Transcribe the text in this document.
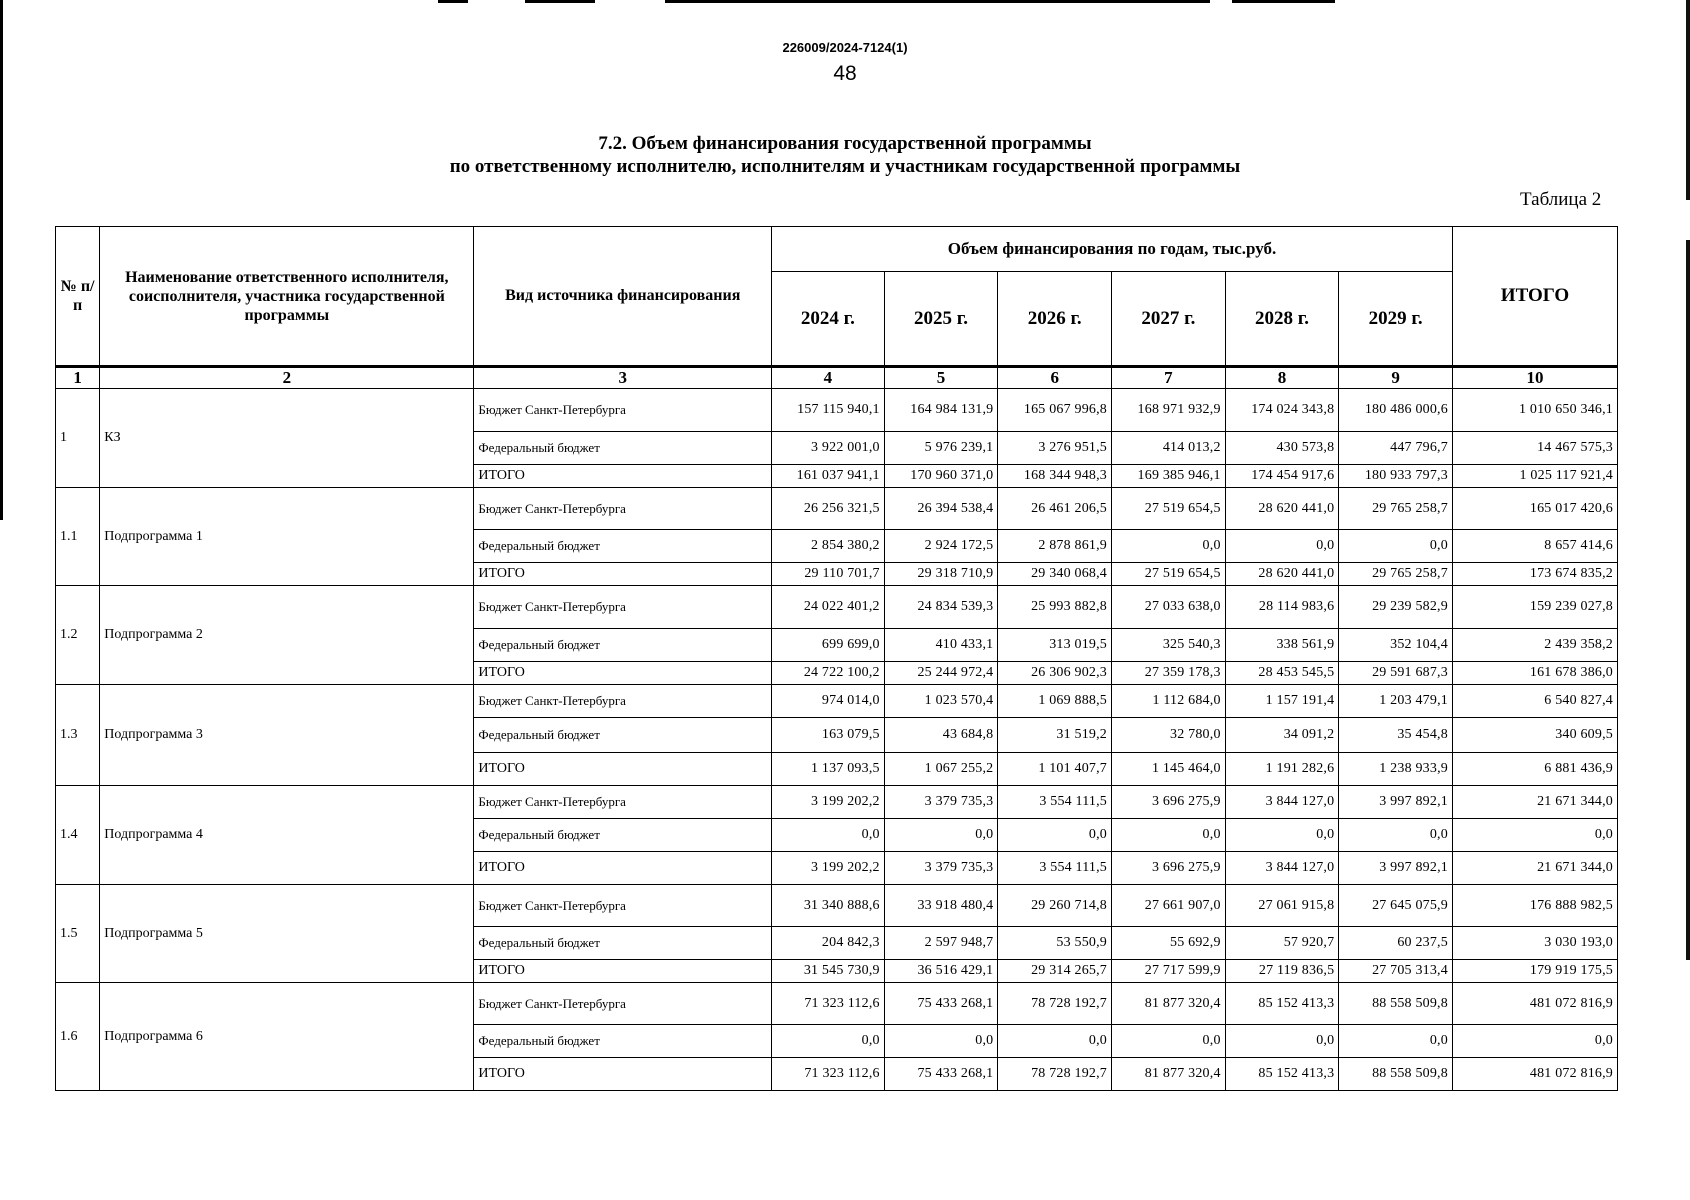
226009/2024-7124(1)
48
7.2. Объем финансирования государственной программы
по ответственному исполнителю, исполнителям и участникам государственной программы
Таблица 2
№ п/п	Наименование ответственного исполнителя, соисполнителя, участника государственной программы	Вид источника финансирования	Объем финансирования по годам, тыс.руб.						ИТОГО
			2024 г.	2025 г.	2026 г.	2027 г.	2028 г.	2029 г.	
1	2	3	4	5	6	7	8	9	10
1	КЗ	Бюджет Санкт-Петербурга	157 115 940,1	164 984 131,9	165 067 996,8	168 971 932,9	174 024 343,8	180 486 000,6	1 010 650 346,1
		Федеральный бюджет	3 922 001,0	5 976 239,1	3 276 951,5	414 013,2	430 573,8	447 796,7	14 467 575,3
		ИТОГО	161 037 941,1	170 960 371,0	168 344 948,3	169 385 946,1	174 454 917,6	180 933 797,3	1 025 117 921,4
1.1	Подпрограмма 1	Бюджет Санкт-Петербурга	26 256 321,5	26 394 538,4	26 461 206,5	27 519 654,5	28 620 441,0	29 765 258,7	165 017 420,6
		Федеральный бюджет	2 854 380,2	2 924 172,5	2 878 861,9	0,0	0,0	0,0	8 657 414,6
		ИТОГО	29 110 701,7	29 318 710,9	29 340 068,4	27 519 654,5	28 620 441,0	29 765 258,7	173 674 835,2
1.2	Подпрограмма 2	Бюджет Санкт-Петербурга	24 022 401,2	24 834 539,3	25 993 882,8	27 033 638,0	28 114 983,6	29 239 582,9	159 239 027,8
		Федеральный бюджет	699 699,0	410 433,1	313 019,5	325 540,3	338 561,9	352 104,4	2 439 358,2
		ИТОГО	24 722 100,2	25 244 972,4	26 306 902,3	27 359 178,3	28 453 545,5	29 591 687,3	161 678 386,0
1.3	Подпрограмма 3	Бюджет Санкт-Петербурга	974 014,0	1 023 570,4	1 069 888,5	1 112 684,0	1 157 191,4	1 203 479,1	6 540 827,4
		Федеральный бюджет	163 079,5	43 684,8	31 519,2	32 780,0	34 091,2	35 454,8	340 609,5
		ИТОГО	1 137 093,5	1 067 255,2	1 101 407,7	1 145 464,0	1 191 282,6	1 238 933,9	6 881 436,9
1.4	Подпрограмма 4	Бюджет Санкт-Петербурга	3 199 202,2	3 379 735,3	3 554 111,5	3 696 275,9	3 844 127,0	3 997 892,1	21 671 344,0
		Федеральный бюджет	0,0	0,0	0,0	0,0	0,0	0,0	0,0
		ИТОГО	3 199 202,2	3 379 735,3	3 554 111,5	3 696 275,9	3 844 127,0	3 997 892,1	21 671 344,0
1.5	Подпрограмма 5	Бюджет Санкт-Петербурга	31 340 888,6	33 918 480,4	29 260 714,8	27 661 907,0	27 061 915,8	27 645 075,9	176 888 982,5
		Федеральный бюджет	204 842,3	2 597 948,7	53 550,9	55 692,9	57 920,7	60 237,5	3 030 193,0
		ИТОГО	31 545 730,9	36 516 429,1	29 314 265,7	27 717 599,9	27 119 836,5	27 705 313,4	179 919 175,5
1.6	Подпрограмма 6	Бюджет Санкт-Петербурга	71 323 112,6	75 433 268,1	78 728 192,7	81 877 320,4	85 152 413,3	88 558 509,8	481 072 816,9
		Федеральный бюджет	0,0	0,0	0,0	0,0	0,0	0,0	0,0
		ИТОГО	71 323 112,6	75 433 268,1	78 728 192,7	81 877 320,4	85 152 413,3	88 558 509,8	481 072 816,9
